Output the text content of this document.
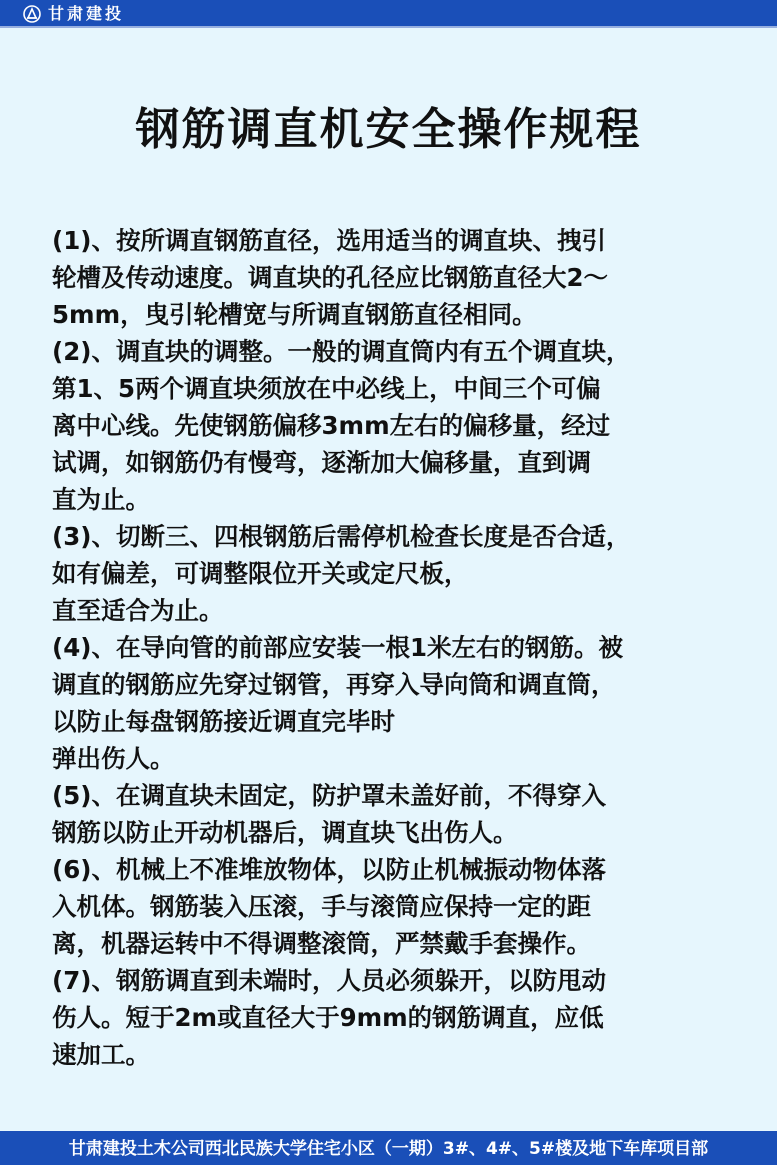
甘肃建投
钢筋调直机安全操作规程
(1)、按所调直钢筋直径，选用适当的调直块、拽引
轮槽及传动速度。调直块的孔径应比钢筋直径大2～
5mm，曳引轮槽宽与所调直钢筋直径相同。
(2)、调直块的调整。一般的调直筒内有五个调直块，
第1、5两个调直块须放在中必线上，中间三个可偏
离中心线。先使钢筋偏移3mm左右的偏移量，经过
试调，如钢筋仍有慢弯，逐渐加大偏移量，直到调
直为止。
(3)、切断三、四根钢筋后需停机检查长度是否合适，
如有偏差，可调整限位开关或定尺板，
直至适合为止。
(4)、在导向管的前部应安装一根1米左右的钢筋。被
调直的钢筋应先穿过钢管，再穿入导向筒和调直筒，
以防止每盘钢筋接近调直完毕时
弹出伤人。
(5)、在调直块未固定，防护罩未盖好前，不得穿入
钢筋以防止开动机器后，调直块飞出伤人。
(6)、机械上不准堆放物体，以防止机械振动物体落
入机体。钢筋装入压滚，手与滚筒应保持一定的距
离，机器运转中不得调整滚筒，严禁戴手套操作。
(7)、钢筋调直到未端时，人员必须躲开，以防甩动
伤人。短于2m或直径大于9mm的钢筋调直，应低
速加工。
甘肃建投土木公司西北民族大学住宅小区（一期）3#、4#、5#楼及地下车库项目部
